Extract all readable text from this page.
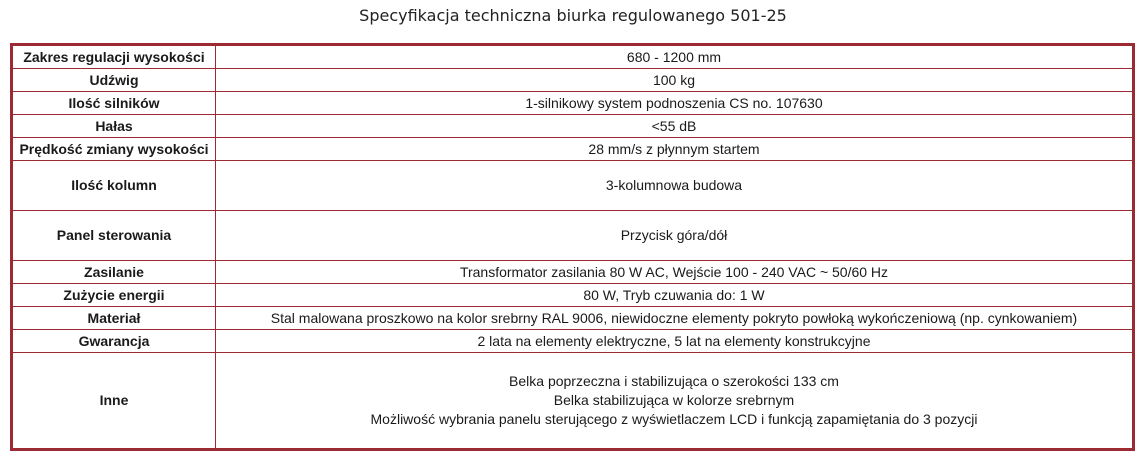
Specyfikacja techniczna biurka regulowanego 501-25
Zakres regulacji wysokości	680 - 1200 mm
Udźwig	100 kg
Ilość silników	1-silnikowy system podnoszenia CS no. 107630
Hałas	<55 dB
Prędkość zmiany wysokości	28 mm/s z płynnym startem
Ilość kolumn	3-kolumnowa budowa
Panel sterowania	Przycisk góra/dół
Zasilanie	Transformator zasilania 80 W AC, Wejście 100 - 240 VAC ~ 50/60 Hz
Zużycie energii	80 W, Tryb czuwania do: 1 W
Materiał	Stal malowana proszkowo na kolor srebrny RAL 9006, niewidoczne elementy pokryto powłoką wykończeniową (np. cynkowaniem)
Gwarancja	2 lata na elementy elektryczne, 5 lat na elementy konstrukcyjne
Inne	Belka poprzeczna i stabilizująca o szerokości 133 cm
Belka stabilizująca w kolorze srebrnym
Możliwość wybrania panelu sterującego z wyświetlaczem LCD i funkcją zapamiętania do 3 pozycji
